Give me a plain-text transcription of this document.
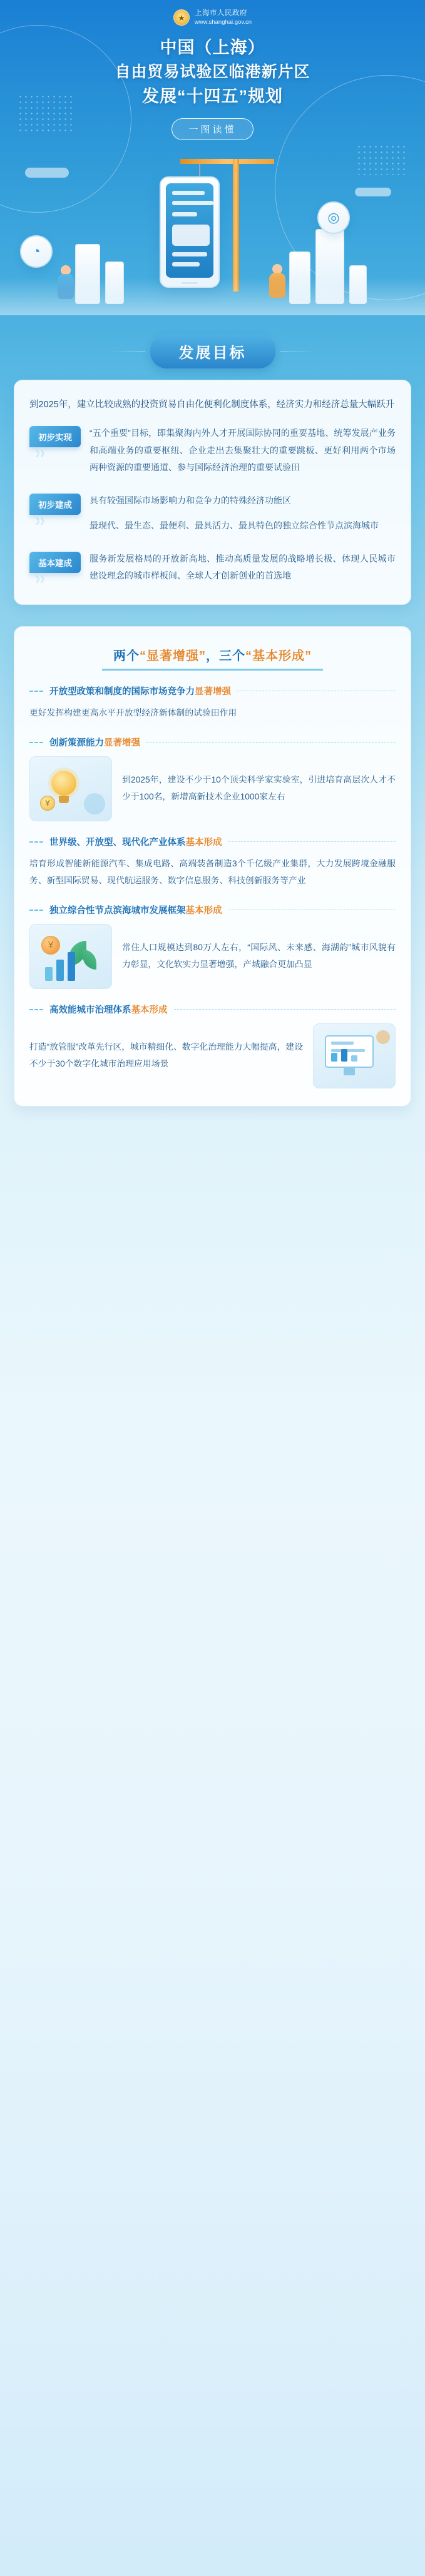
★	上海市人民政府
www.shanghai.gov.cn
中国（上海）
自由贸易试验区临港新片区
发展“十四五”规划
一图读懂
◔
◎
发展目标
到2025年，建立比较成熟的投资贸易自由化便利化制度体系，经济实力和经济总量大幅跃升
初步实现
》》

“五个重要”目标，即集聚海内外人才开展国际协同的重要基地、统筹发展产业务和高端业务的重要枢纽、企业走出去集聚壮大的重要跳板、更好利用两个市场两种资源的重要通道、参与国际经济治理的重要试验田

初步建成
》》

具有较强国际市场影响力和竞争力的特殊经济功能区

最现代、最生态、最便利、最具活力、最具特色的独立综合性节点滨海城市

基本建成
》》

服务新发展格局的开放新高地、推动高质量发展的战略增长极、体现人民城市建设理念的城市样板间、全球人才创新创业的首选地

两个“显著增强”，三个“基本形成”
开放型政策和制度的国际市场竞争力显著增强
更好发挥构建更高水平开放型经济新体制的试验田作用
创新策源能力显著增强
¥
到2025年，建设不少于10个顶尖科学家实验室，引进培育高层次人才不少于100名，新增高新技术企业1000家左右
世界级、开放型、现代化产业体系基本形成
培育形成智能新能源汽车、集成电路、高端装备制造3个千亿级产业集群，大力发展跨境金融服务、新型国际贸易、现代航运服务、数字信息服务、科技创新服务等产业
独立综合性节点滨海城市发展框架基本形成
¥	常住人口规模达到80万人左右，“国际风、未来感、海湖韵”城市风貌有力彰显，文化软实力显著增强，产城融合更加凸显
高效能城市治理体系基本形成
打造“放管服”改革先行区，城市精细化、数字化治理能力大幅提高，建设不少于30个数字化城市治理应用场景
